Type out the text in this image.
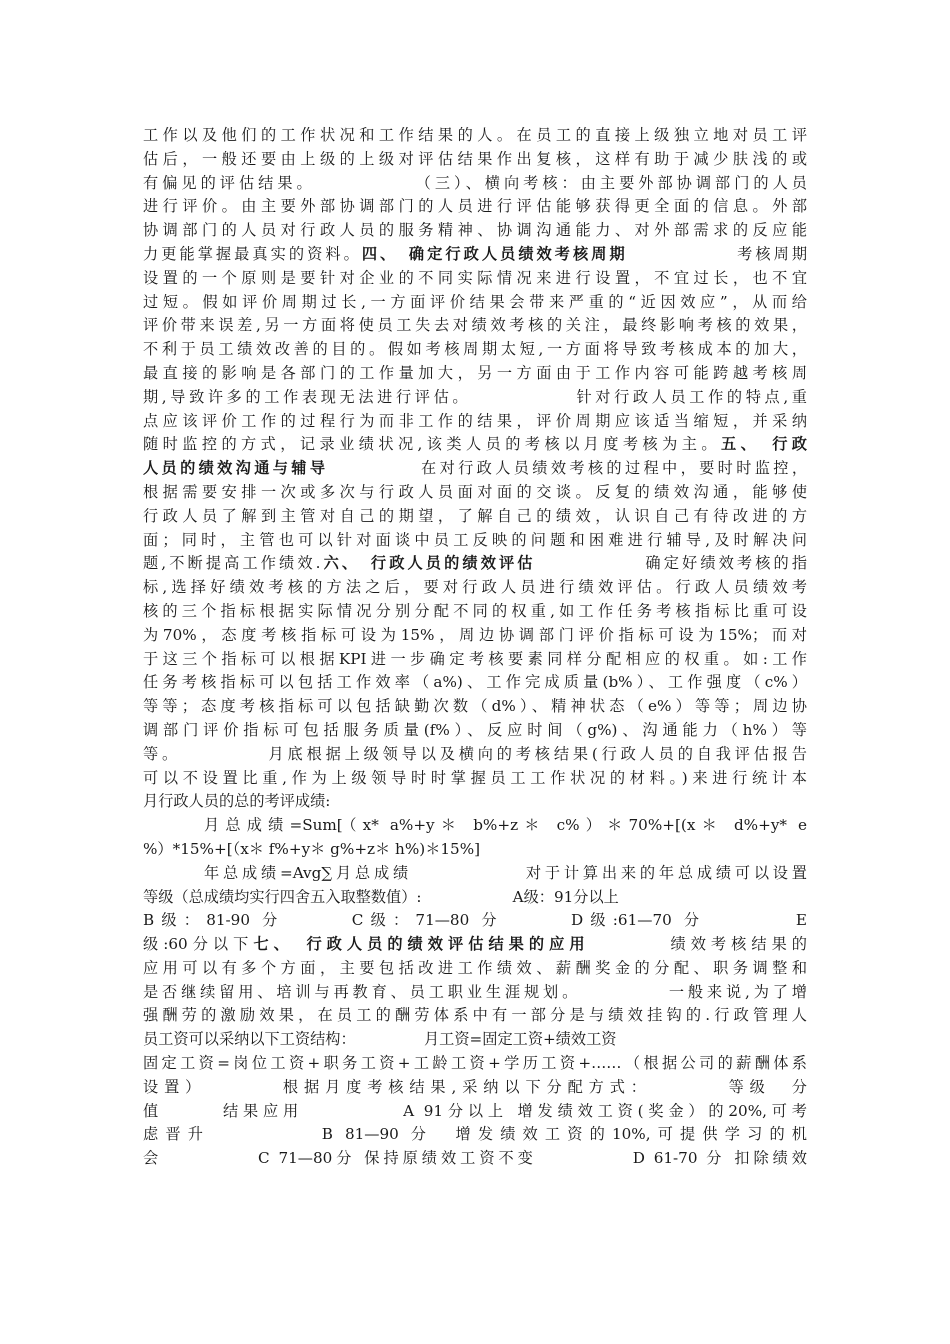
工作以及他们的工作状况和工作结果的人。在员工的直接上级独立地对员工评
估后，一般还要由上级的上级对评估结果作出复核，这样有助于减少肤浅的或
有偏见的评估结果。　　　　　　（三）、横向考核：由主要外部协调部门的人员
进行评价。由主要外部协调部门的人员进行评估能够获得更全面的信息。外部
协调部门的人员对行政人员的服务精神、协调沟通能力、对外部需求的反应能
力更能掌握最真实的资料。四、　确定行政人员绩效考核周期　　　　　　考核周期
设置的一个原则是要针对企业的不同实际情况来进行设置，不宜过长，也不宜
过短。假如评价周期过长,一方面评价结果会带来严重的“近因效应”，从而给
评价带来误差,另一方面将使员工失去对绩效考核的关注，最终影响考核的效果，
不利于员工绩效改善的目的。假如考核周期太短,一方面将导致考核成本的加大，
最直接的影响是各部门的工作量加大，另一方面由于工作内容可能跨越考核周
期,导致许多的工作表现无法进行评估。　　　　　　针对行政人员工作的特点,重
点应该评价工作的过程行为而非工作的结果，评价周期应该适当缩短，并采纳
随时监控的方式，记录业绩状况,该类人员的考核以月度考核为主。五、　行政
人员的绩效沟通与辅导　　　　　在对行政人员绩效考核的过程中，要时时监控，
根据需要安排一次或多次与行政人员面对面的交谈。反复的绩效沟通，能够使
行政人员了解到主管对自己的期望，了解自己的绩效，认识自己有待改进的方
面；同时，主管也可以针对面谈中员工反映的问题和困难进行辅导,及时解决问
题,不断提高工作绩效.六、　行政人员的绩效评估　　　　　　确定好绩效考核的指
标,选择好绩效考核的方法之后，要对行政人员进行绩效评估。行政人员绩效考
核的三个指标根据实际情况分别分配不同的权重,如工作任务考核指标比重可设
为70%，态度考核指标可设为15%，周边协调部门评价指标可设为15%；而对
于这三个指标可以根据KPI进一步确定考核要素同样分配相应的权重。如:工作
任务考核指标可以包括工作效率（a%)、工作完成质量(b%）、工作强度（c%）
等等；态度考核指标可以包括缺勤次数（d%）、精神状态（e%）等等；周边协
调部门评价指标可包括服务质量(f%）、反应时间（g%)、沟通能力（h%）等
等。　　　　　月底根据上级领导以及横向的考核结果(行政人员的自我评估报告
可以不设置比重,作为上级领导时时掌握员工工作状况的材料。)来进行统计本
月行政人员的总的考评成绩:
月总成绩=Sum[（x* a%+y＊ b%+z＊ c%）＊70%+[(x＊ d%+y* e
%）*15%+[（x＊ f%+y＊ g%+z＊ h%)＊15%]
年总成绩=Avg∑月总成绩　　　　　　对于计算出来的年总成绩可以设置
等级（总成绩均实行四舍五入取整数值）:　　　　　　A级：91分以上
B级：81-90 分　　　C级：71—80 分　　　D级:61—70 分　　　　E
级:60分以下七、　行政人员的绩效评估结果的应用　　　　绩效考核结果的
应用可以有多个方面，主要包括改进工作绩效、薪酬奖金的分配、职务调整和
是否继续留用、培训与再教育、员工职业生涯规划。　　　　　一般来说,为了增
强酬劳的激励效果，在员工的酬劳体系中有一部分是与绩效挂钩的.行政管理人
员工资可以采纳以下工资结构：　　　　　月工资=固定工资+绩效工资
固定工资=岗位工资+职务工资+工龄工资+学历工资+……（根据公司的薪酬体系
设置）　　　　根据月度考核结果,采纳以下分配方式：　　　　等级　分
值　　　结果应用　　　　　A 91分以上 增发绩效工资(奖金）的20%,可考
虑晋升　　　　　B 81—90 分　增发绩效工资的10%,可提供学习的机
会　　　　　C 71—80分 保持原绩效工资不变　　　　　D 61-70 分 扣除绩效
